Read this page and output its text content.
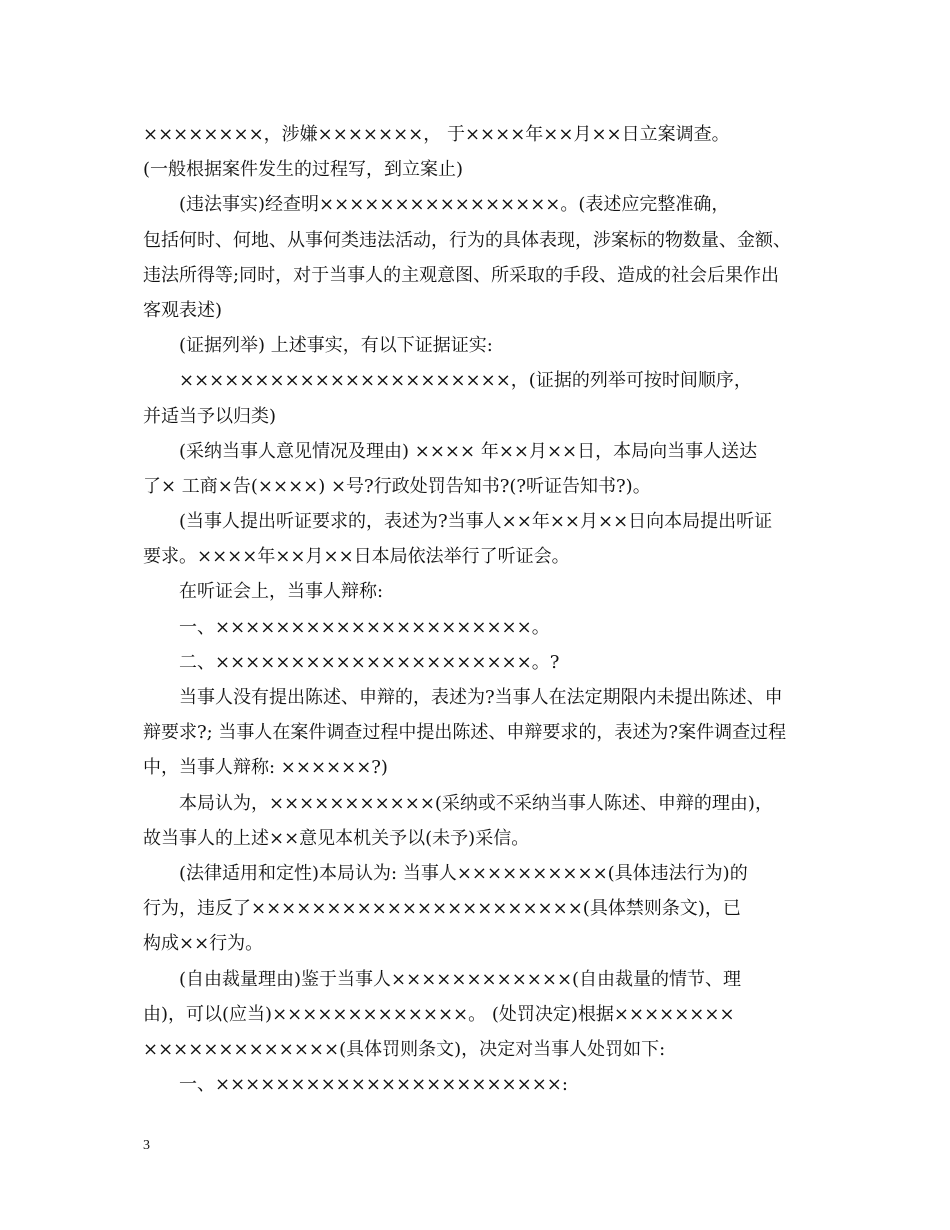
××××××××，涉嫌×××××××， 于××××年××月××日立案调查。
(一般根据案件发生的过程写，到立案止)
(违法事实)经查明××××××××××××××××。(表述应完整准确，
包括何时、何地、从事何类违法活动，行为的具体表现，涉案标的物数量、金额、
违法所得等;同时，对于当事人的主观意图、所采取的手段、造成的社会后果作出
客观表述)
(证据列举) 上述事实，有以下证据证实:
××××××××××××××××××××××，(证据的列举可按时间顺序，
并适当予以归类)
(采纳当事人意见情况及理由) ×××× 年××月××日，本局向当事人送达
了× 工商×告(××××) ×号?行政处罚告知书?(?听证告知书?)。
(当事人提出听证要求的，表述为?当事人××年××月××日向本局提出听证
要求。××××年××月××日本局依法举行了听证会。
在听证会上，当事人辩称:
一、×××××××××××××××××××××。
二、×××××××××××××××××××××。?
当事人没有提出陈述、申辩的，表述为?当事人在法定期限内未提出陈述、申
辩要求?; 当事人在案件调查过程中提出陈述、申辩要求的，表述为?案件调查过程
中，当事人辩称: ××××××?)
本局认为，×××××××××××(采纳或不采纳当事人陈述、申辩的理由)，
故当事人的上述××意见本机关予以(未予)采信。
(法律适用和定性)本局认为: 当事人××××××××××(具体违法行为)的
行为，违反了××××××××××××××××××××××(具体禁则条文)，已
构成××行为。
(自由裁量理由)鉴于当事人××××××××××××(自由裁量的情节、理
由)，可以(应当)×××××××××××××。 (处罚决定)根据××××××××
×××××××××××××(具体罚则条文)，决定对当事人处罚如下:
一、×××××××××××××××××××××××:
3
